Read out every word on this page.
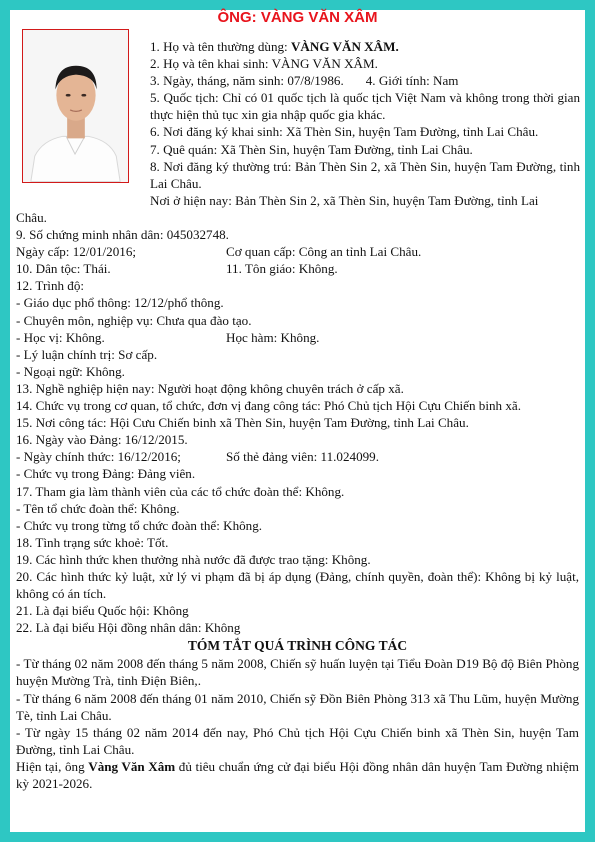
ÔNG: VÀNG VĂN XÂM

1. Họ và tên thường dùng: VÀNG VĂN XÂM.

2. Họ và tên khai sinh: VÀNG VĂN XÂM.

3. Ngày, tháng, năm sinh: 07/8/1986. 4. Giới tính: Nam

5. Quốc tịch: Chỉ có 01 quốc tịch là quốc tịch Việt Nam và không trong thời gian thực hiện thủ tục xin gia nhập quốc gia khác.

6. Nơi đăng ký khai sinh: Xã Thèn Sin, huyện Tam Đường, tỉnh Lai Châu.

7. Quê quán: Xã Thèn Sin, huyện Tam Đường, tỉnh Lai Châu.

8. Nơi đăng ký thường trú: Bản Thèn Sin 2, xã Thèn Sin, huyện Tam Đường, tỉnh Lai Châu.

Nơi ở hiện nay: Bản Thèn Sin 2, xã Thèn Sin, huyện Tam Đường, tỉnh Lai

Châu.

9. Số chứng minh nhân dân: 045032748.

Ngày cấp: 12/01/2016;	Cơ quan cấp: Công an tỉnh Lai Châu.
10. Dân tộc: Thái.	11. Tôn giáo: Không.

12. Trình độ:

- Giáo dục phổ thông: 12/12/phổ thông.

- Chuyên môn, nghiệp vụ: Chưa qua đào tạo.

- Học vị: Không.	Học hàm: Không.

- Lý luận chính trị: Sơ cấp.

- Ngoại ngữ: Không.

13. Nghề nghiệp hiện nay: Người hoạt động không chuyên trách ở cấp xã.

14. Chức vụ trong cơ quan, tổ chức, đơn vị đang công tác: Phó Chủ tịch Hội Cựu Chiến binh xã.

15. Nơi công tác: Hội Cưu Chiến binh xã Thèn Sin, huyện Tam Đường, tỉnh Lai Châu.

16. Ngày vào Đảng: 16/12/2015.

- Ngày chính thức: 16/12/2016;	Số thẻ đảng viên: 11.024099.

- Chức vụ trong Đảng: Đảng viên.

17. Tham gia làm thành viên của các tổ chức đoàn thể: Không.

- Tên tổ chức đoàn thể: Không.

- Chức vụ trong từng tổ chức đoàn thể: Không.

18. Tình trạng sức khoẻ: Tốt.

19. Các hình thức khen thưởng nhà nước đã được trao tặng: Không.

20. Các hình thức kỷ luật, xử lý vi phạm đã bị áp dụng (Đảng, chính quyền, đoàn thể): Không bị kỷ luật, không có án tích.

21. Là đại biểu Quốc hội: Không

22. Là đại biểu Hội đồng nhân dân: Không

TÓM TẮT QUÁ TRÌNH CÔNG TÁC

- Từ tháng 02 năm 2008 đến tháng 5 năm 2008, Chiến sỹ huấn luyện tại Tiểu Đoàn D19 Bộ độ Biên Phòng huyện Mường Trà, tỉnh Điện Biên,.

- Từ tháng 6 năm 2008 đến tháng 01 năm 2010, Chiến sỹ Đồn Biên Phòng 313 xã Thu Lũm, huyện Mường Tè, tỉnh Lai Châu.

- Từ ngày 15 tháng 02 năm 2014 đến nay, Phó Chủ tịch Hội Cựu Chiến binh xã Thèn Sin, huyện Tam Đường, tỉnh Lai Châu.

Hiện tại, ông Vàng Văn Xâm đủ tiêu chuẩn ứng cử đại biểu Hội đồng nhân dân huyện Tam Đường nhiệm kỳ 2021-2026.
